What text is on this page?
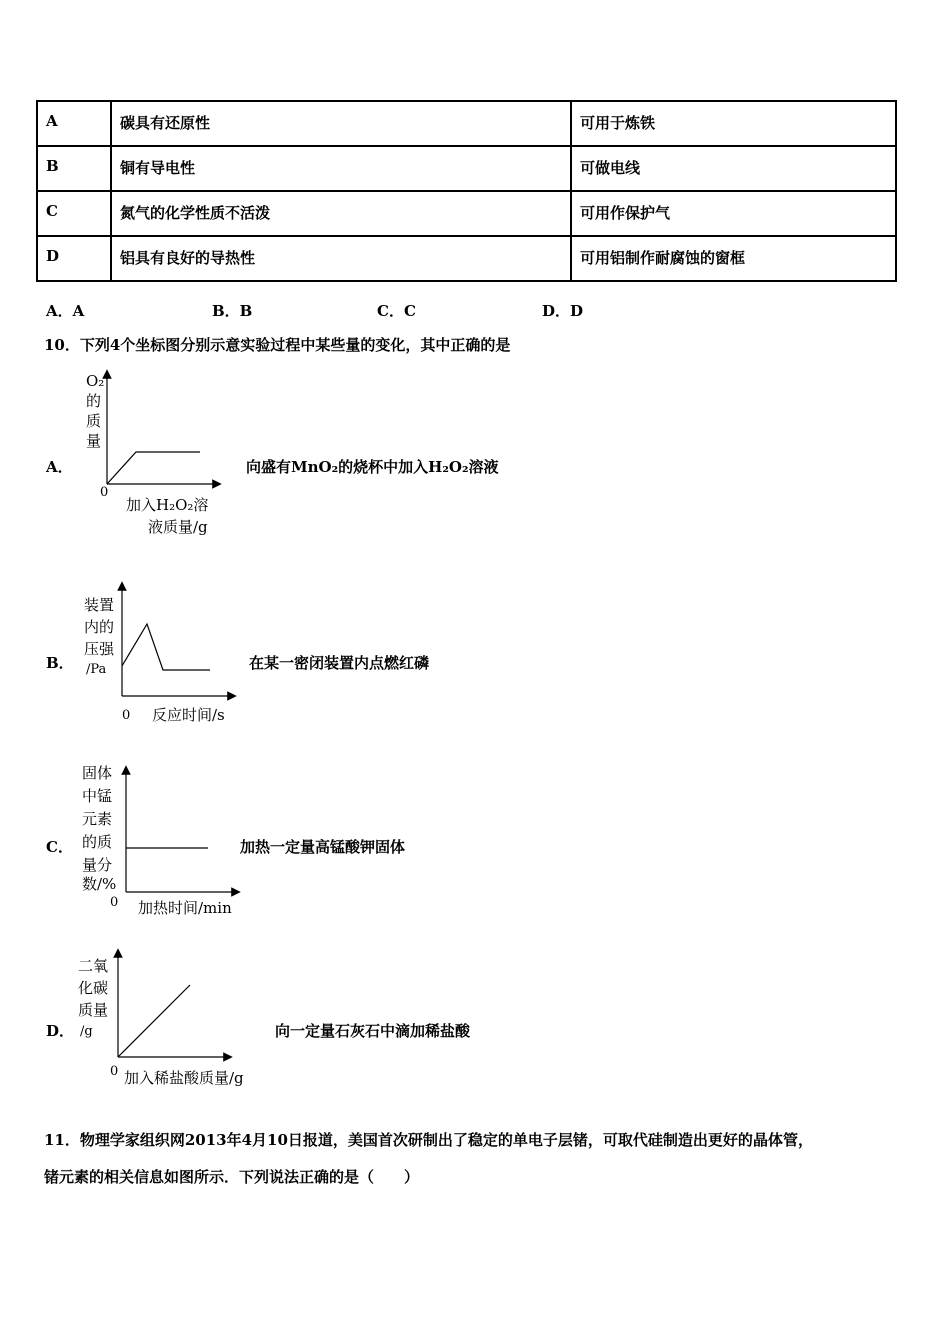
A	碳具有还原性	可用于炼铁
B	铜有导电性	可做电线
C	氮气的化学性质不活泼	可用作保护气
D	铝具有良好的导热性	可用铝制作耐腐蚀的窗框
A．A	B．B	C．C	D．D
10．下列4个坐标图分别示意实验过程中某些量的变化，其中正确的是
A．	向盛有MnO₂的烧杯中加入H₂O₂溶液
O₂
的
质
量
0
加入H₂O₂溶
液质量/g
B．	在某一密闭装置内点燃红磷
装置
内的
压强
/Pa
0 反应时间/s
C．	加热一定量高锰酸钾固体
固体
中锰
元素
的质
量分
数/%
0 加热时间/min
D．	向一定量石灰石中滴加稀盐酸
二氧
化碳
质量
/g
0 加入稀盐酸质量/g
11．物理学家组织网2013年4月10日报道，美国首次研制出了稳定的单电子层锗，可取代硅制造出更好的晶体管，
锗元素的相关信息如图所示．下列说法正确的是（　　）
